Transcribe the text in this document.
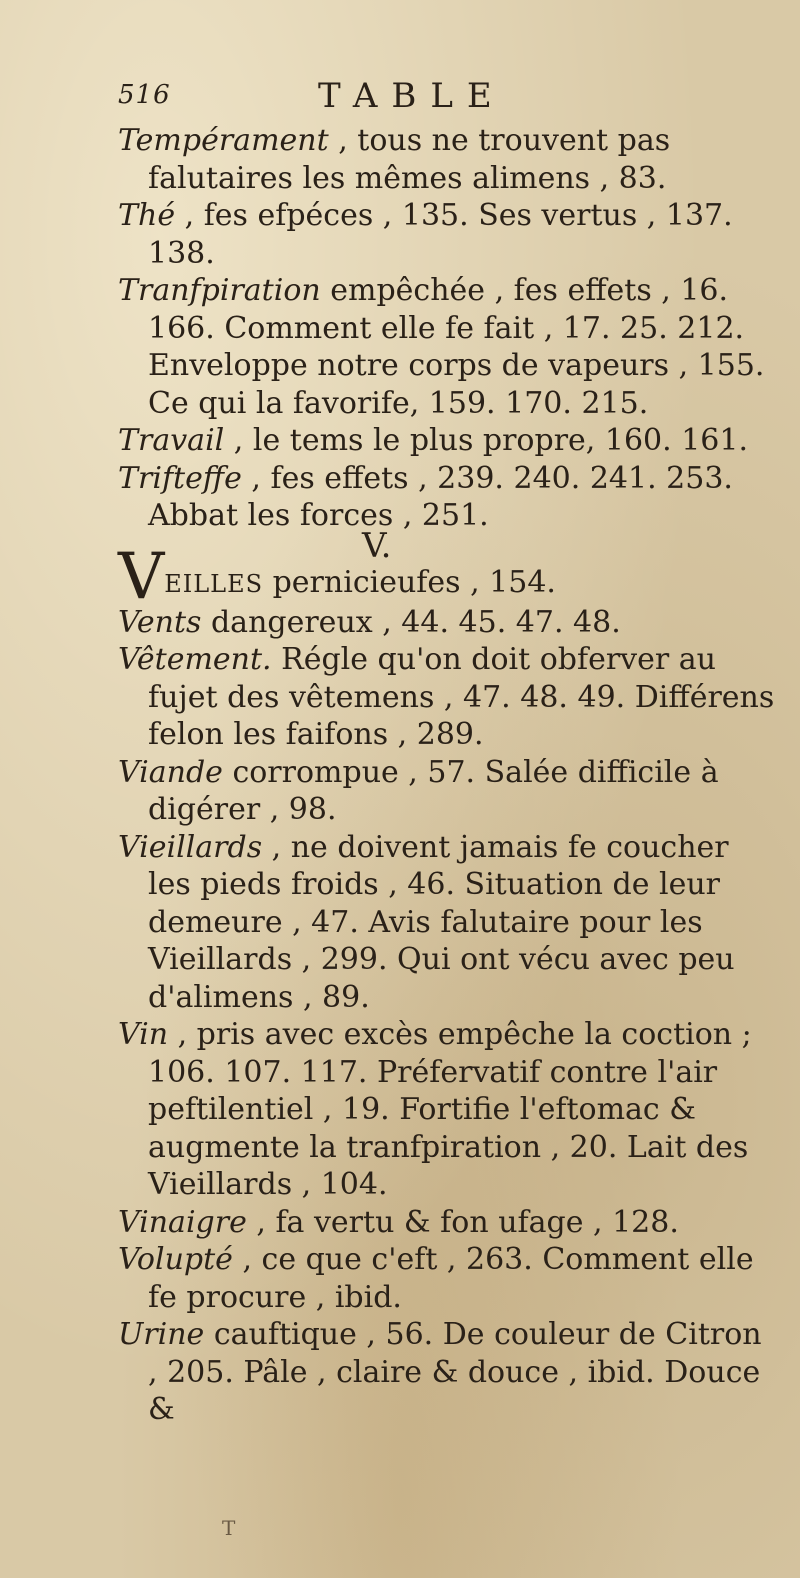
516	TABLE

Tempérament , tous ne trouvent pas falutaires les mêmes alimens , 83.

Thé , fes efpéces , 135. Ses vertus , 137. 138.

Tranfpiration empêchée , fes effets , 16. 166. Comment elle fe fait , 17. 25. 212. Enveloppe notre corps de vapeurs , 155. Ce qui la favorife, 159. 170. 215.

Travail , le tems le plus propre, 160. 161.

Trifteffe , fes effets , 239. 240. 241. 253. Abbat les forces , 251.

V.

VEILLES pernicieufes , 154.

Vents dangereux , 44. 45. 47. 48.

Vêtement. Régle qu'on doit obferver au fujet des vêtemens , 47. 48. 49. Différens felon les faifons , 289.

Viande corrompue , 57. Salée difficile à digérer , 98.

Vieillards , ne doivent jamais fe coucher les pieds froids , 46. Situation de leur demeure , 47. Avis falutaire pour les Vieillards , 299. Qui ont vécu avec peu d'alimens , 89.

Vin , pris avec excès empêche la coction ; 106. 107. 117. Préfervatif contre l'air peftilentiel , 19. Fortifie l'eftomac & augmente la tranfpiration , 20. Lait des Vieillards , 104.

Vinaigre , fa vertu & fon ufage , 128.

Volupté , ce que c'eft , 263. Comment elle fe procure , ibid.

Urine cauftique , 56. De couleur de Citron , 205. Pâle , claire & douce , ibid. Douce &

T
